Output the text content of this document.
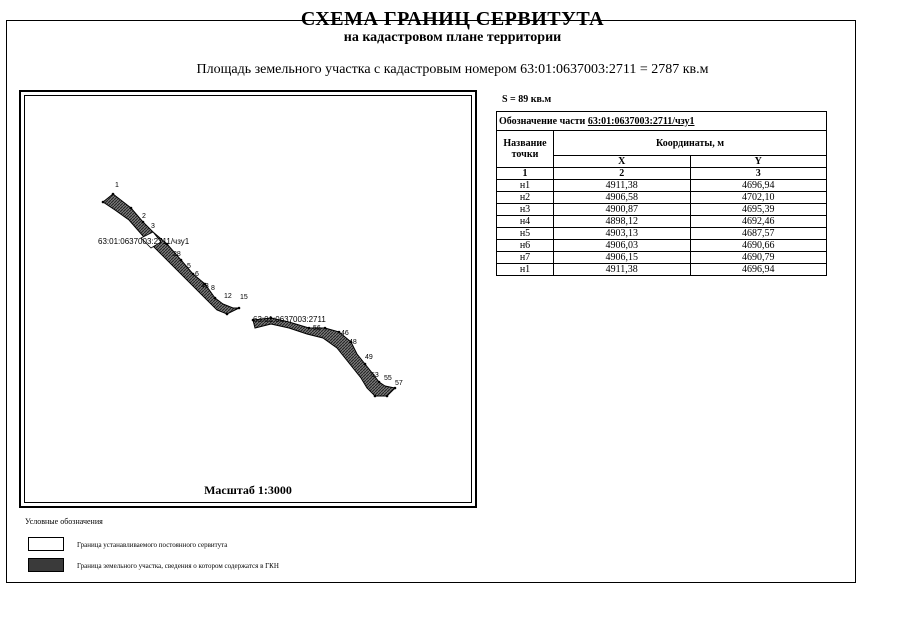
СХЕМА ГРАНИЦ СЕРВИТУТА
на кадастровом плане территории
Площадь земельного участка с кадастровым номером 63:01:0637003:2711 = 2787 кв.м
1
2
3
28
5
6
43 8
12 15
56
46
48
49
53 55
57
63:01:0637003:2711/чзу1
63:01:0637003:2711
Масштаб 1:3000
S = 89 кв.м
Обозначение части 63:01:0637003:2711/чзу1		
Название точки	Координаты, м	
	X	Y
1	2	3
н1	4911,38	4696,94
н2	4906,58	4702,10
н3	4900,87	4695,39
н4	4898,12	4692,46
н5	4903,13	4687,57
н6	4906,03	4690,66
н7	4906,15	4690,79
н1	4911,38	4696,94
Условные обозначения
Граница устанавливаемого постоянного сервитута
Граница земельного участка, сведения о котором содержатся в ГКН
